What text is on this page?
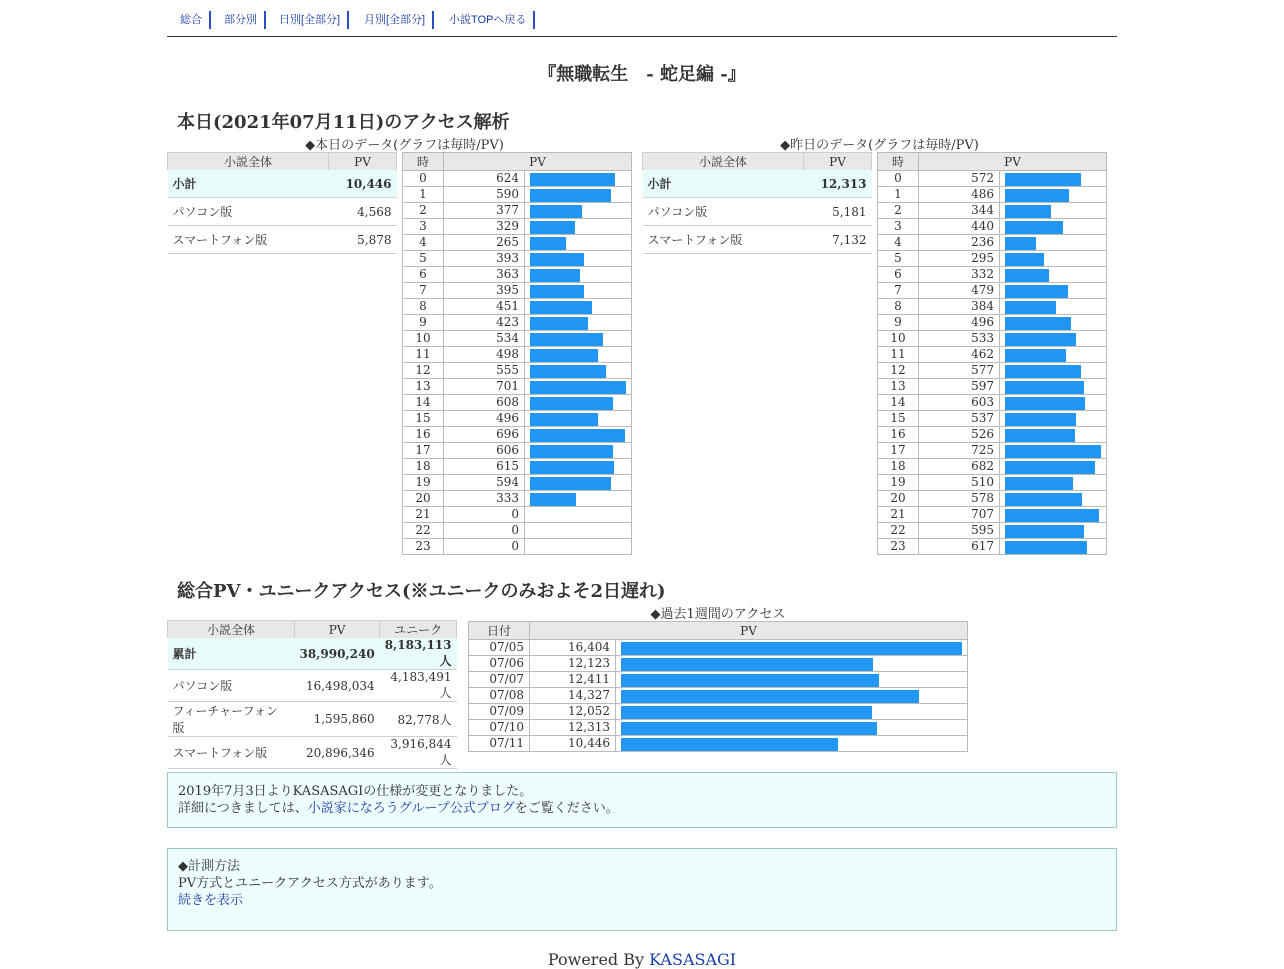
総合	部分別	日別[全部分]	月別[全部分]	小説TOPへ戻る
『無職転生　- 蛇足編 -』
本日(2021年07月11日)のアクセス解析
◆本日のデータ(グラフは毎時/PV)
小説全体	PV
小計	10,446
パソコン版	4,568
スマートフォン版	5,878
時	PV	
0	624	

1	590	

2	377	

3	329	

4	265	

5	393	

6	363	

7	395	

8	451	

9	423	

10	534	

11	498	

12	555	

13	701	

14	608	

15	496	

16	696	

17	606	

18	615	

19	594	

20	333	

21	0	
22	0	
23	0	
◆昨日のデータ(グラフは毎時/PV)
小説全体	PV
小計	12,313
パソコン版	5,181
スマートフォン版	7,132
時	PV	
0	572	

1	486	

2	344	

3	440	

4	236	

5	295	

6	332	

7	479	

8	384	

9	496	

10	533	

11	462	

12	577	

13	597	

14	603	

15	537	

16	526	

17	725	

18	682	

19	510	

20	578	

21	707	

22	595	

23	617	
総合PV・ユニークアクセス(※ユニークのみおよそ2日遅れ)
小説全体	PV	ユニーク
累計	38,990,240	8,183,113人
パソコン版	16,498,034	4,183,491人
フィーチャーフォン版	1,595,860	82,778人
スマートフォン版	20,896,346	3,916,844人
◆過去1週間のアクセス
日付	PV	
07/05	16,404	

07/06	12,123	

07/07	12,411	

07/08	14,327	

07/09	12,052	

07/10	12,313	

07/11	10,446	
2019年7月3日よりKASASAGIの仕様が変更となりました。
詳細につきましては、小説家になろうグループ公式ブログをご覧ください。
◆計測方法
PV方式とユニークアクセス方式があります。
続きを表示
Powered By KASASAGI
